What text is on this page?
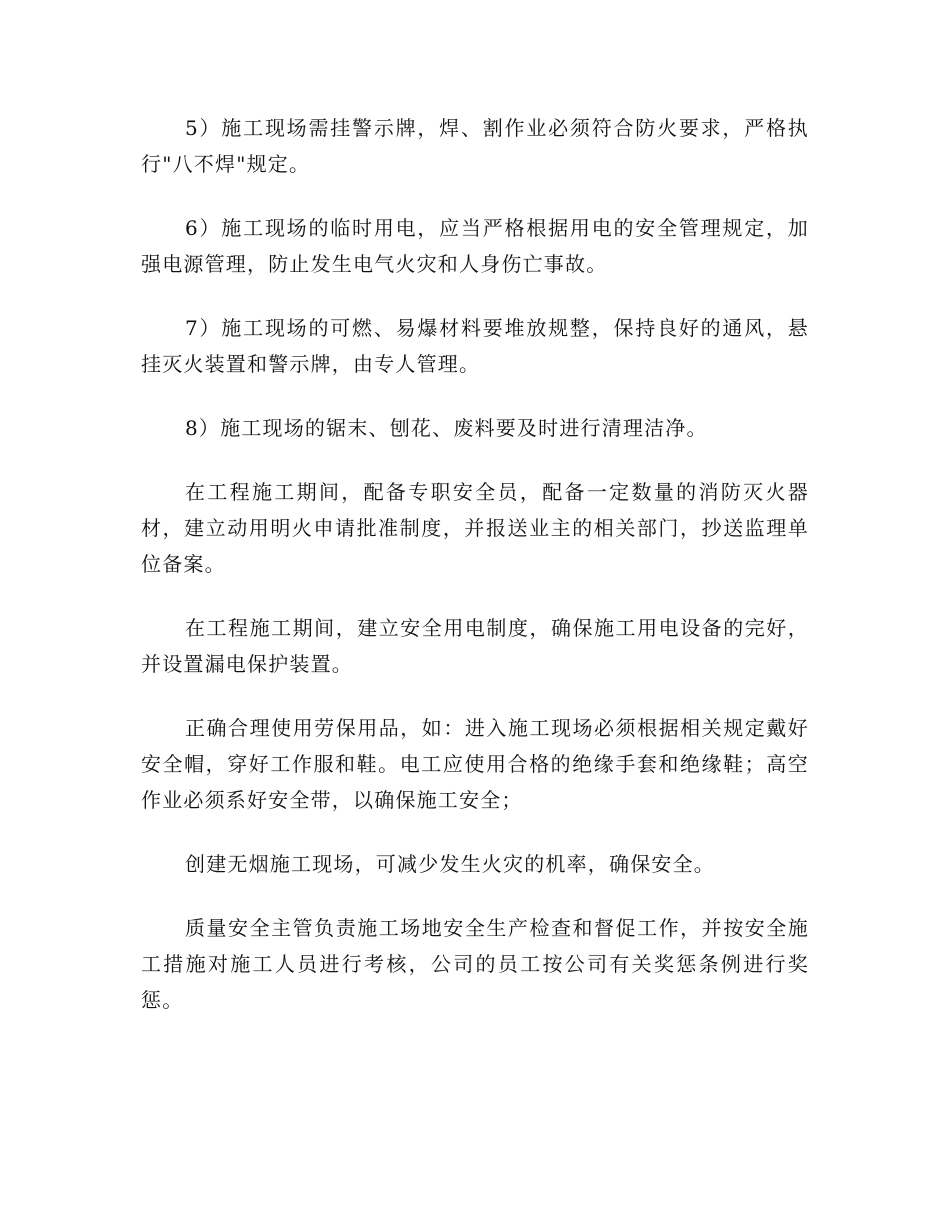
5）施工现场需挂警示牌，焊、割作业必须符合防火要求，严格执行"八不焊"规定。

6）施工现场的临时用电，应当严格根据用电的安全管理规定，加强电源管理，防止发生电气火灾和人身伤亡事故。

7）施工现场的可燃、易爆材料要堆放规整，保持良好的通风，悬挂灭火装置和警示牌，由专人管理。

8）施工现场的锯末、刨花、废料要及时进行清理洁净。

在工程施工期间，配备专职安全员，配备一定数量的消防灭火器材，建立动用明火申请批准制度，并报送业主的相关部门，抄送监理单位备案。

在工程施工期间，建立安全用电制度，确保施工用电设备的完好，并设置漏电保护装置。

正确合理使用劳保用品，如：进入施工现场必须根据相关规定戴好安全帽，穿好工作服和鞋。电工应使用合格的绝缘手套和绝缘鞋；高空作业必须系好安全带，以确保施工安全；

创建无烟施工现场，可减少发生火灾的机率，确保安全。

质量安全主管负责施工场地安全生产检查和督促工作，并按安全施工措施对施工人员进行考核，公司的员工按公司有关奖惩条例进行奖惩。
